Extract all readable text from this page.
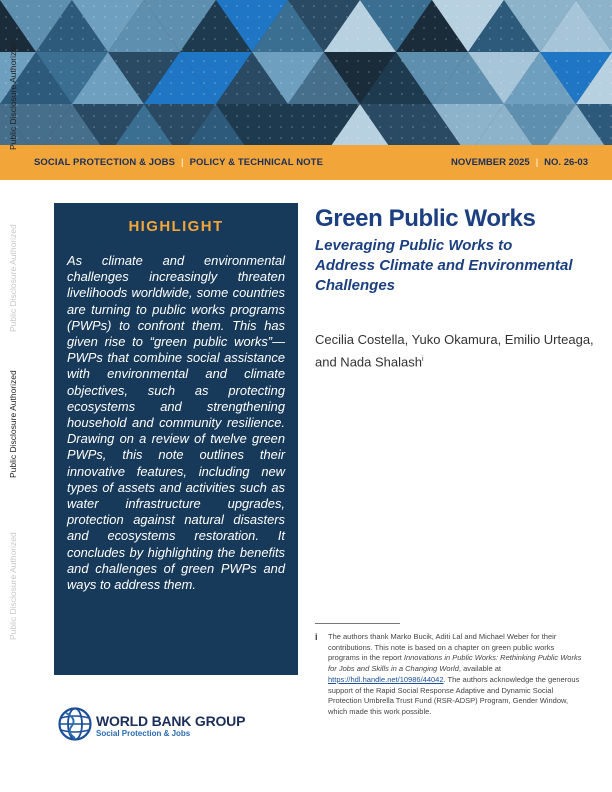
SOCIAL PROTECTION & JOBS | POLICY & TECHNICAL NOTE	NOVEMBER 2025 | NO. 26-03
Public Disclosure Authorized
Public Disclosure Authorized
Public Disclosure Authorized
Public Disclosure Authorized
HIGHLIGHT

As climate and environmental challenges increasingly threaten livelihoods worldwide, some countries are turning to public works programs (PWPs) to confront them. This has given rise to “green public works”—PWPs that combine social assistance with environmental and climate objectives, such as protecting ecosystems and strengthening household and community resilience. Drawing on a review of twelve green PWPs, this note outlines their innovative features, including new types of assets and activities such as water infrastructure upgrades, protection against natural disasters and ecosystems restoration. It concludes by highlighting the benefits and challenges of green PWPs and ways to address them.

Green Public Works

Leveraging Public Works to Address Climate and Environmental Challenges

Cecilia Costella, Yuko Okamura, Emilio Urteaga, and Nada Shalash$^i$

i The authors thank Marko Bucik, Aditi Lal and Michael Weber for their contributions. This note is based on a chapter on green public works programs in the report Innovations in Public Works: Rethinking Public Works for Jobs and Skills in a Changing World, available at https://hdl.handle.net/10986/44042. The authors acknowledge the generous support of the Rapid Social Response Adaptive and Dynamic Social Protection Umbrella Trust Fund (RSR-ADSP) Program, Gender Window, which made this work possible.

WORLD BANK GROUP
Social Protection & Jobs
